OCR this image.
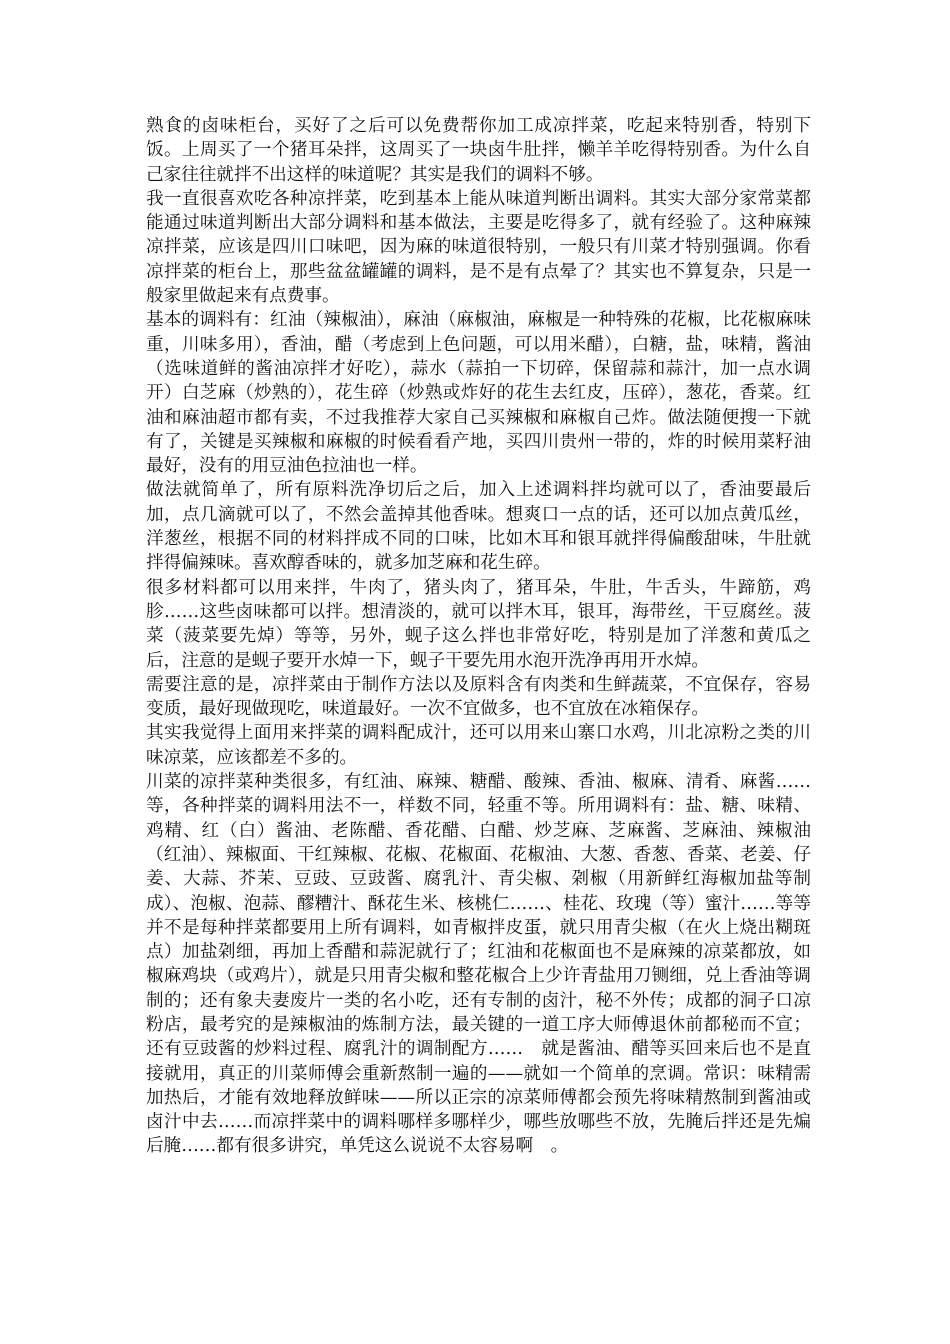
熟食的卤味柜台，买好了之后可以免费帮你加工成凉拌菜，吃起来特别香，特别下饭。上周买了一个猪耳朵拌，这周买了一块卤牛肚拌，懒羊羊吃得特别香。为什么自己家往往就拌不出这样的味道呢？其实是我们的调料不够。

我一直很喜欢吃各种凉拌菜，吃到基本上能从味道判断出调料。其实大部分家常菜都能通过味道判断出大部分调料和基本做法，主要是吃得多了，就有经验了。这种麻辣凉拌菜，应该是四川口味吧，因为麻的味道很特别，一般只有川菜才特别强调。你看凉拌菜的柜台上，那些盆盆罐罐的调料，是不是有点晕了？其实也不算复杂，只是一般家里做起来有点费事。

基本的调料有：红油（辣椒油），麻油（麻椒油，麻椒是一种特殊的花椒，比花椒麻味重，川味多用），香油，醋（考虑到上色问题，可以用米醋），白糖，盐，味精，酱油（选味道鲜的酱油凉拌才好吃），蒜水（蒜拍一下切碎，保留蒜和蒜汁，加一点水调开）白芝麻（炒熟的），花生碎（炒熟或炸好的花生去红皮，压碎），葱花，香菜。红油和麻油超市都有卖，不过我推荐大家自己买辣椒和麻椒自己炸。做法随便搜一下就有了，关键是买辣椒和麻椒的时候看看产地，买四川贵州一带的，炸的时候用菜籽油最好，没有的用豆油色拉油也一样。

做法就简单了，所有原料洗净切后之后，加入上述调料拌均就可以了，香油要最后加，点几滴就可以了，不然会盖掉其他香味。想爽口一点的话，还可以加点黄瓜丝，洋葱丝，根据不同的材料拌成不同的口味，比如木耳和银耳就拌得偏酸甜味，牛肚就拌得偏辣味。喜欢醇香味的，就多加芝麻和花生碎。

很多材料都可以用来拌，牛肉了，猪头肉了，猪耳朵，牛肚，牛舌头，牛蹄筋，鸡胗……这些卤味都可以拌。想清淡的，就可以拌木耳，银耳，海带丝，干豆腐丝。菠菜（菠菜要先焯）等等，另外，蚬子这么拌也非常好吃，特别是加了洋葱和黄瓜之后，注意的是蚬子要开水焯一下，蚬子干要先用水泡开洗净再用开水焯。

需要注意的是，凉拌菜由于制作方法以及原料含有肉类和生鲜蔬菜，不宜保存，容易变质，最好现做现吃，味道最好。一次不宜做多，也不宜放在冰箱保存。

其实我觉得上面用来拌菜的调料配成汁，还可以用来山寨口水鸡，川北凉粉之类的川味凉菜，应该都差不多的。

川菜的凉拌菜种类很多，有红油、麻辣、糖醋、酸辣、香油、椒麻、清肴、麻酱……等，各种拌菜的调料用法不一，样数不同，轻重不等。所用调料有：盐、糖、味精、鸡精、红（白）酱油、老陈醋、香花醋、白醋、炒芝麻、芝麻酱、芝麻油、辣椒油（红油）、辣椒面、干红辣椒、花椒、花椒面、花椒油、大葱、香葱、香菜、老姜、仔姜、大蒜、芥茉、豆豉、豆豉酱、腐乳汁、青尖椒、刴椒（用新鲜红海椒加盐等制成）、泡椒、泡蒜、醪糟汁、酥花生米、核桃仁……、桂花、玫瑰（等）蜜汁……等等　并不是每种拌菜都要用上所有调料，如青椒拌皮蛋，就只用青尖椒（在火上烧出糊斑点）加盐刴细，再加上香醋和蒜泥就行了；红油和花椒面也不是麻辣的凉菜都放，如椒麻鸡块（或鸡片），就是只用青尖椒和整花椒合上少许青盐用刀铡细，兑上香油等调制的；还有象夫妻废片一类的名小吃，还有专制的卤汁，秘不外传；成都的洞子口凉粉店，最考究的是辣椒油的炼制方法，最关键的一道工序大师傅退休前都秘而不宣；还有豆豉酱的炒料过程、腐乳汁的调制配方……　就是酱油、醋等买回来后也不是直接就用，真正的川菜师傅会重新熬制一遍的——就如一个简单的烹调。常识：味精需加热后，才能有效地释放鲜味——所以正宗的凉菜师傅都会预先将味精熬制到酱油或卤汁中去……而凉拌菜中的调料哪样多哪样少，哪些放哪些不放，先腌后拌还是先煸后腌……都有很多讲究，单凭这么说说不太容易啊　。
